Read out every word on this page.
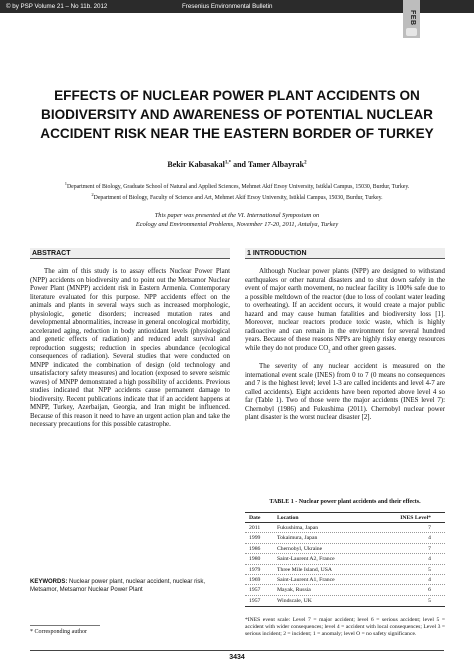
© by PSP Volume 21 – No 11b. 2012	Fresenius Environmental Bulletin
FEB
EFFECTS OF NUCLEAR POWER PLANT ACCIDENTS ON
BIODIVERSITY AND AWARENESS OF POTENTIAL NUCLEAR
ACCIDENT RISK NEAR THE EASTERN BORDER OF TURKEY
Bekir Kabasakal$^{1,*}$ and Tamer Albayrak$^2$
$^1$Department of Biology, Graduate School of Natural and Applied Sciences, Mehmet Akif Ersoy University, Istiklal Campus, 15030, Burdur, Turkey.
$^2$Department of Biology, Faculty of Science and Art, Mehmet Akif Ersoy University, Istiklal Campus, 15030, Burdur, Turkey.
This paper was presented at the VI. International Symposium on
Ecology and Environmental Problems, November 17-20, 2011, Antalya, Turkey
ABSTRACT	1 INTRODUCTION

The aim of this study is to assay effects Nuclear Power Plant (NPP) accidents on biodiversity and to point out the Metsamor Nuclear Power Plant (MNPP) accident risk in Eastern Armenia. Contemporary literature evaluated for this purpose. NPP accidents effect on the animals and plants in several ways such as increased morphologic, physiologic, genetic disorders; increased mutation rates and developmental abnormalities, increase in general oncological morbidity, accelerated aging, reduction in body antioxidant levels (physiological and genetic effects of radiation) and reduced adult survival and reproduction suggests; reduction in species abundance (ecological consequences of radiation). Several studies that were conducted on MNPP indicated the combination of design (old technology and unsatisfactory safety measures) and location (exposed to severe seismic waves) of MNPP demonstrated a high possibility of accidents. Previous studies indicated that NPP accidents cause permanent damage to biodiversity. Recent publications indicate that if an accident happens at MNPP, Turkey, Azerbaijan, Georgia, and Iran might be influenced. Because of this reason it need to have an urgent action plan and take the necessary precautions for this possible catastrophe.

KEYWORDS: Nuclear power plant, nuclear accident, nuclear risk, Metsamor, Metsamor Nuclear Power Plant
* Corresponding author

Although Nuclear power plants (NPP) are designed to withstand earthquakes or other natural disasters and to shut down safely in the event of major earth movement, no nuclear facility is 100% safe due to a possible meltdown of the reactor (due to loss of coolant water leading to overheating). If an accident occurs, it would create a major public hazard and may cause human fatalities and biodiversity loss [1]. Moreover, nuclear reactors produce toxic waste, which is highly radioactive and can remain in the environment for several hundred years. Because of these reasons NPPs are highly risky energy resources while they do not produce $CO_2$ and other green gasses.

The severity of any nuclear accident is measured on the international event scale (INES) from 0 to 7 (0 means no consequences and 7 is the highest level; level 1-3 are called incidents and level 4-7 are called accidents). Eight accidents have been reported above level 4 so far (Table 1). Two of those were the major accidents (INES level 7): Chernobyl (1986) and Fukushima (2011). Chernobyl nuclear power plant disaster is the worst nuclear disaster [2].

TABLE 1 - Nuclear power plant accidents and their effects.
Date	Location	INES Level*
2011	Fukushima, Japan	7
1999	Tokaimura, Japan	4
1986	Chernobyl, Ukraine	7
1980	Saint-Laurent A2, France	4
1979	Three Mile Island, USA	5
1969	Saint-Laurent A1, France	4
1957	Mayak, Russia	6
1957	Windscale, UK	5
*INES event scale: Level 7 = major accident; level 6 = serious accident; level 5 = accident with wider consequences; level 4 = accident with local consequences; Level 3 = serious incident; 2 = incident; 1 = anomaly; level O = no safety significance.
3434
